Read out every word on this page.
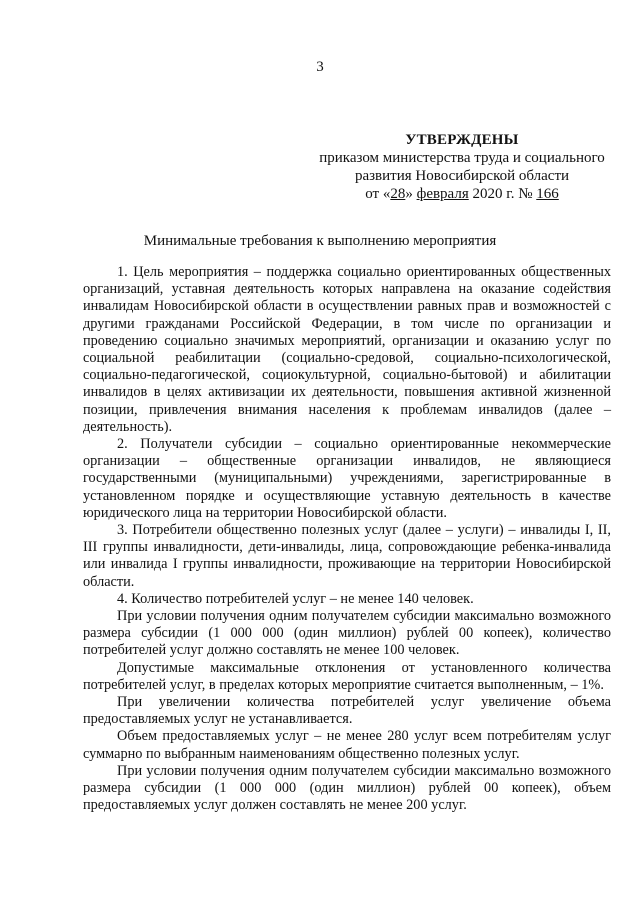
3
УТВЕРЖДЕНЫ
приказом министерства труда и социального
развития Новосибирской области
от «28» февраля 2020 г. № 166
Минимальные требования к выполнению мероприятия

1. Цель мероприятия – поддержка социально ориентированных общественных организаций, уставная деятельность которых направлена на оказание содействия инвалидам Новосибирской области в осуществлении равных прав и возможностей с другими гражданами Российской Федерации, в том числе по организации и проведению социально значимых мероприятий, организации и оказанию услуг по социальной реабилитации (социально-средовой, социально-психологической, социально-педагогической, социокультурной, социально-бытовой) и абилитации инвалидов в целях активизации их деятельности, повышения активной жизненной позиции, привлечения внимания населения к проблемам инвалидов (далее – деятельность).

2. Получатели субсидии – социально ориентированные некоммерческие организации – общественные организации инвалидов, не являющиеся государственными (муниципальными) учреждениями, зарегистрированные в установленном порядке и осуществляющие уставную деятельность в качестве юридического лица на территории Новосибирской области.

3. Потребители общественно полезных услуг (далее – услуги) – инвалиды I, II, III группы инвалидности, дети-инвалиды, лица, сопровождающие ребенка-инвалида или инвалида I группы инвалидности, проживающие на территории Новосибирской области.

4. Количество потребителей услуг – не менее 140 человек.

При условии получения одним получателем субсидии максимально возможного размера субсидии (1 000 000 (один миллион) рублей 00 копеек), количество потребителей услуг должно составлять не менее 100 человек.

Допустимые максимальные отклонения от установленного количества потребителей услуг, в пределах которых мероприятие считается выполненным, – 1%.

При увеличении количества потребителей услуг увеличение объема предоставляемых услуг не устанавливается.

Объем предоставляемых услуг – не менее 280 услуг всем потребителям услуг суммарно по выбранным наименованиям общественно полезных услуг.

При условии получения одним получателем субсидии максимально возможного размера субсидии (1 000 000 (один миллион) рублей 00 копеек), объем предоставляемых услуг должен составлять не менее 200 услуг.
